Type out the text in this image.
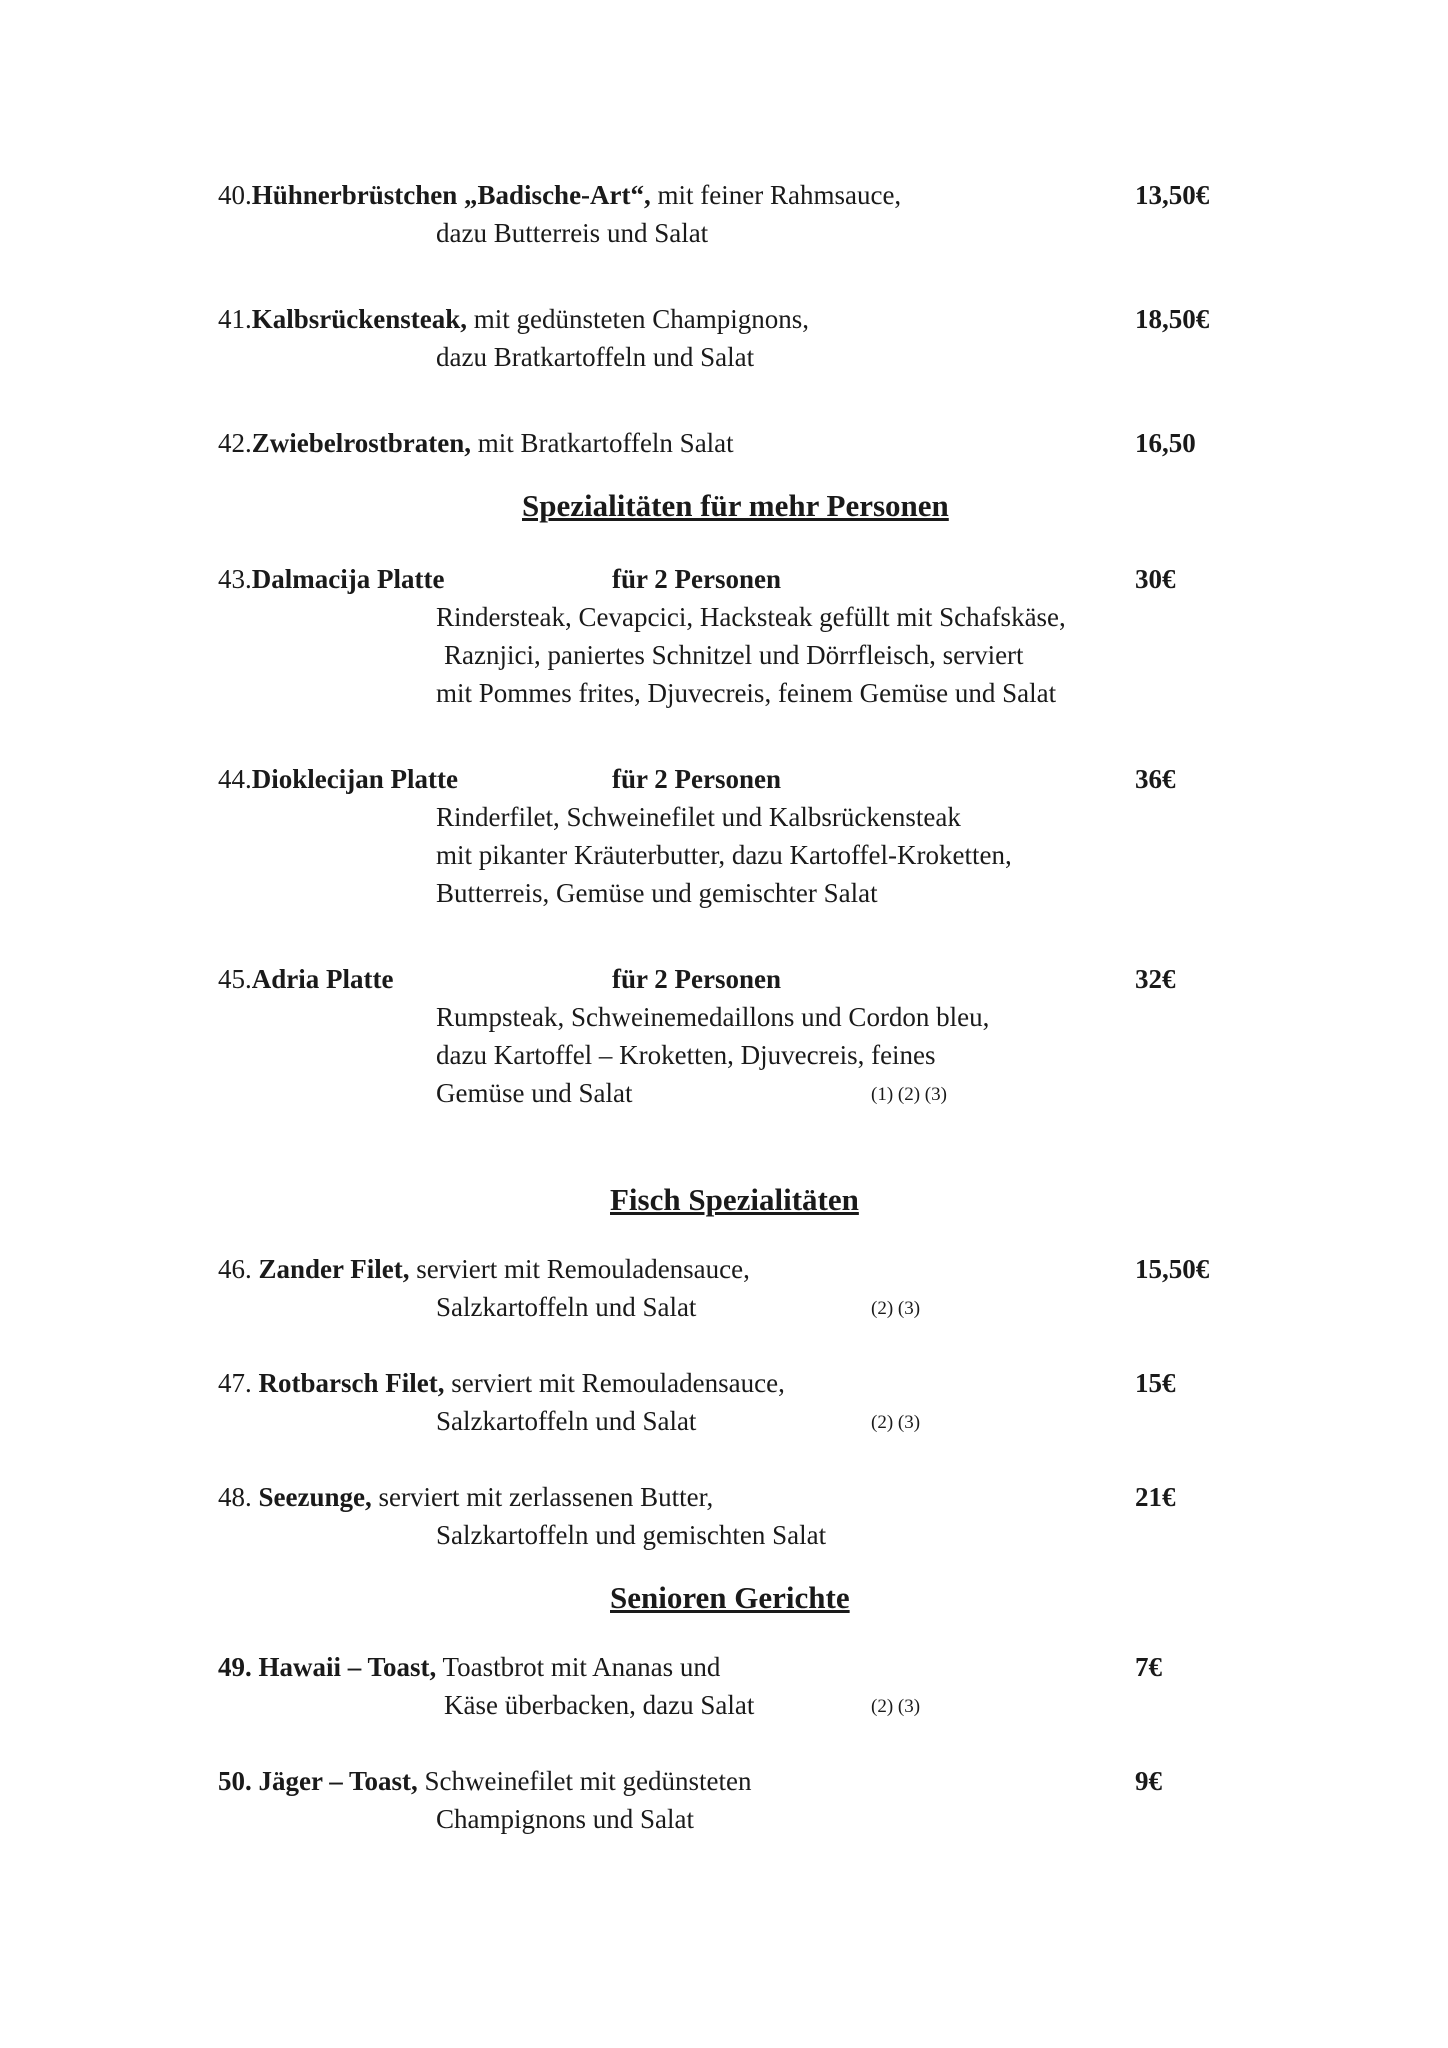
40.Hühnerbrüstchen „Badische-Art“, mit feiner Rahmsauce,	13,50€
dazu Butterreis und Salat
41.Kalbsrückensteak, mit gedünsteten Champignons,	18,50€
dazu Bratkartoffeln und Salat
42.Zwiebelrostbraten, mit Bratkartoffeln Salat	16,50
Spezialitäten für mehr Personen
43.Dalmacija Platte	für 2 Personen	30€
Rindersteak, Cevapcici, Hacksteak gefüllt mit Schafskäse,
Raznjici, paniertes Schnitzel und Dörrfleisch, serviert
mit Pommes frites, Djuvecreis, feinem Gemüse und Salat
44.Dioklecijan Platte	für 2 Personen	36€
Rinderfilet, Schweinefilet und Kalbsrückensteak
mit pikanter Kräuterbutter, dazu Kartoffel-Kroketten,
Butterreis, Gemüse und gemischter Salat
45.Adria Platte	für 2 Personen	32€
Rumpsteak, Schweinemedaillons und Cordon bleu,
dazu Kartoffel – Kroketten, Djuvecreis, feines
Gemüse und Salat	(1) (2) (3)
Fisch Spezialitäten
46. Zander Filet, serviert mit Remouladensauce,	15,50€
Salzkartoffeln und Salat	(2) (3)
47. Rotbarsch Filet, serviert mit Remouladensauce,	15€
Salzkartoffeln und Salat	(2) (3)
48. Seezunge, serviert mit zerlassenen Butter,	21€
Salzkartoffeln und gemischten Salat
Senioren Gerichte
49. Hawaii – Toast, Toastbrot mit Ananas und	7€
Käse überbacken, dazu Salat	(2) (3)
50. Jäger – Toast, Schweinefilet mit gedünsteten	9€
Champignons und Salat
